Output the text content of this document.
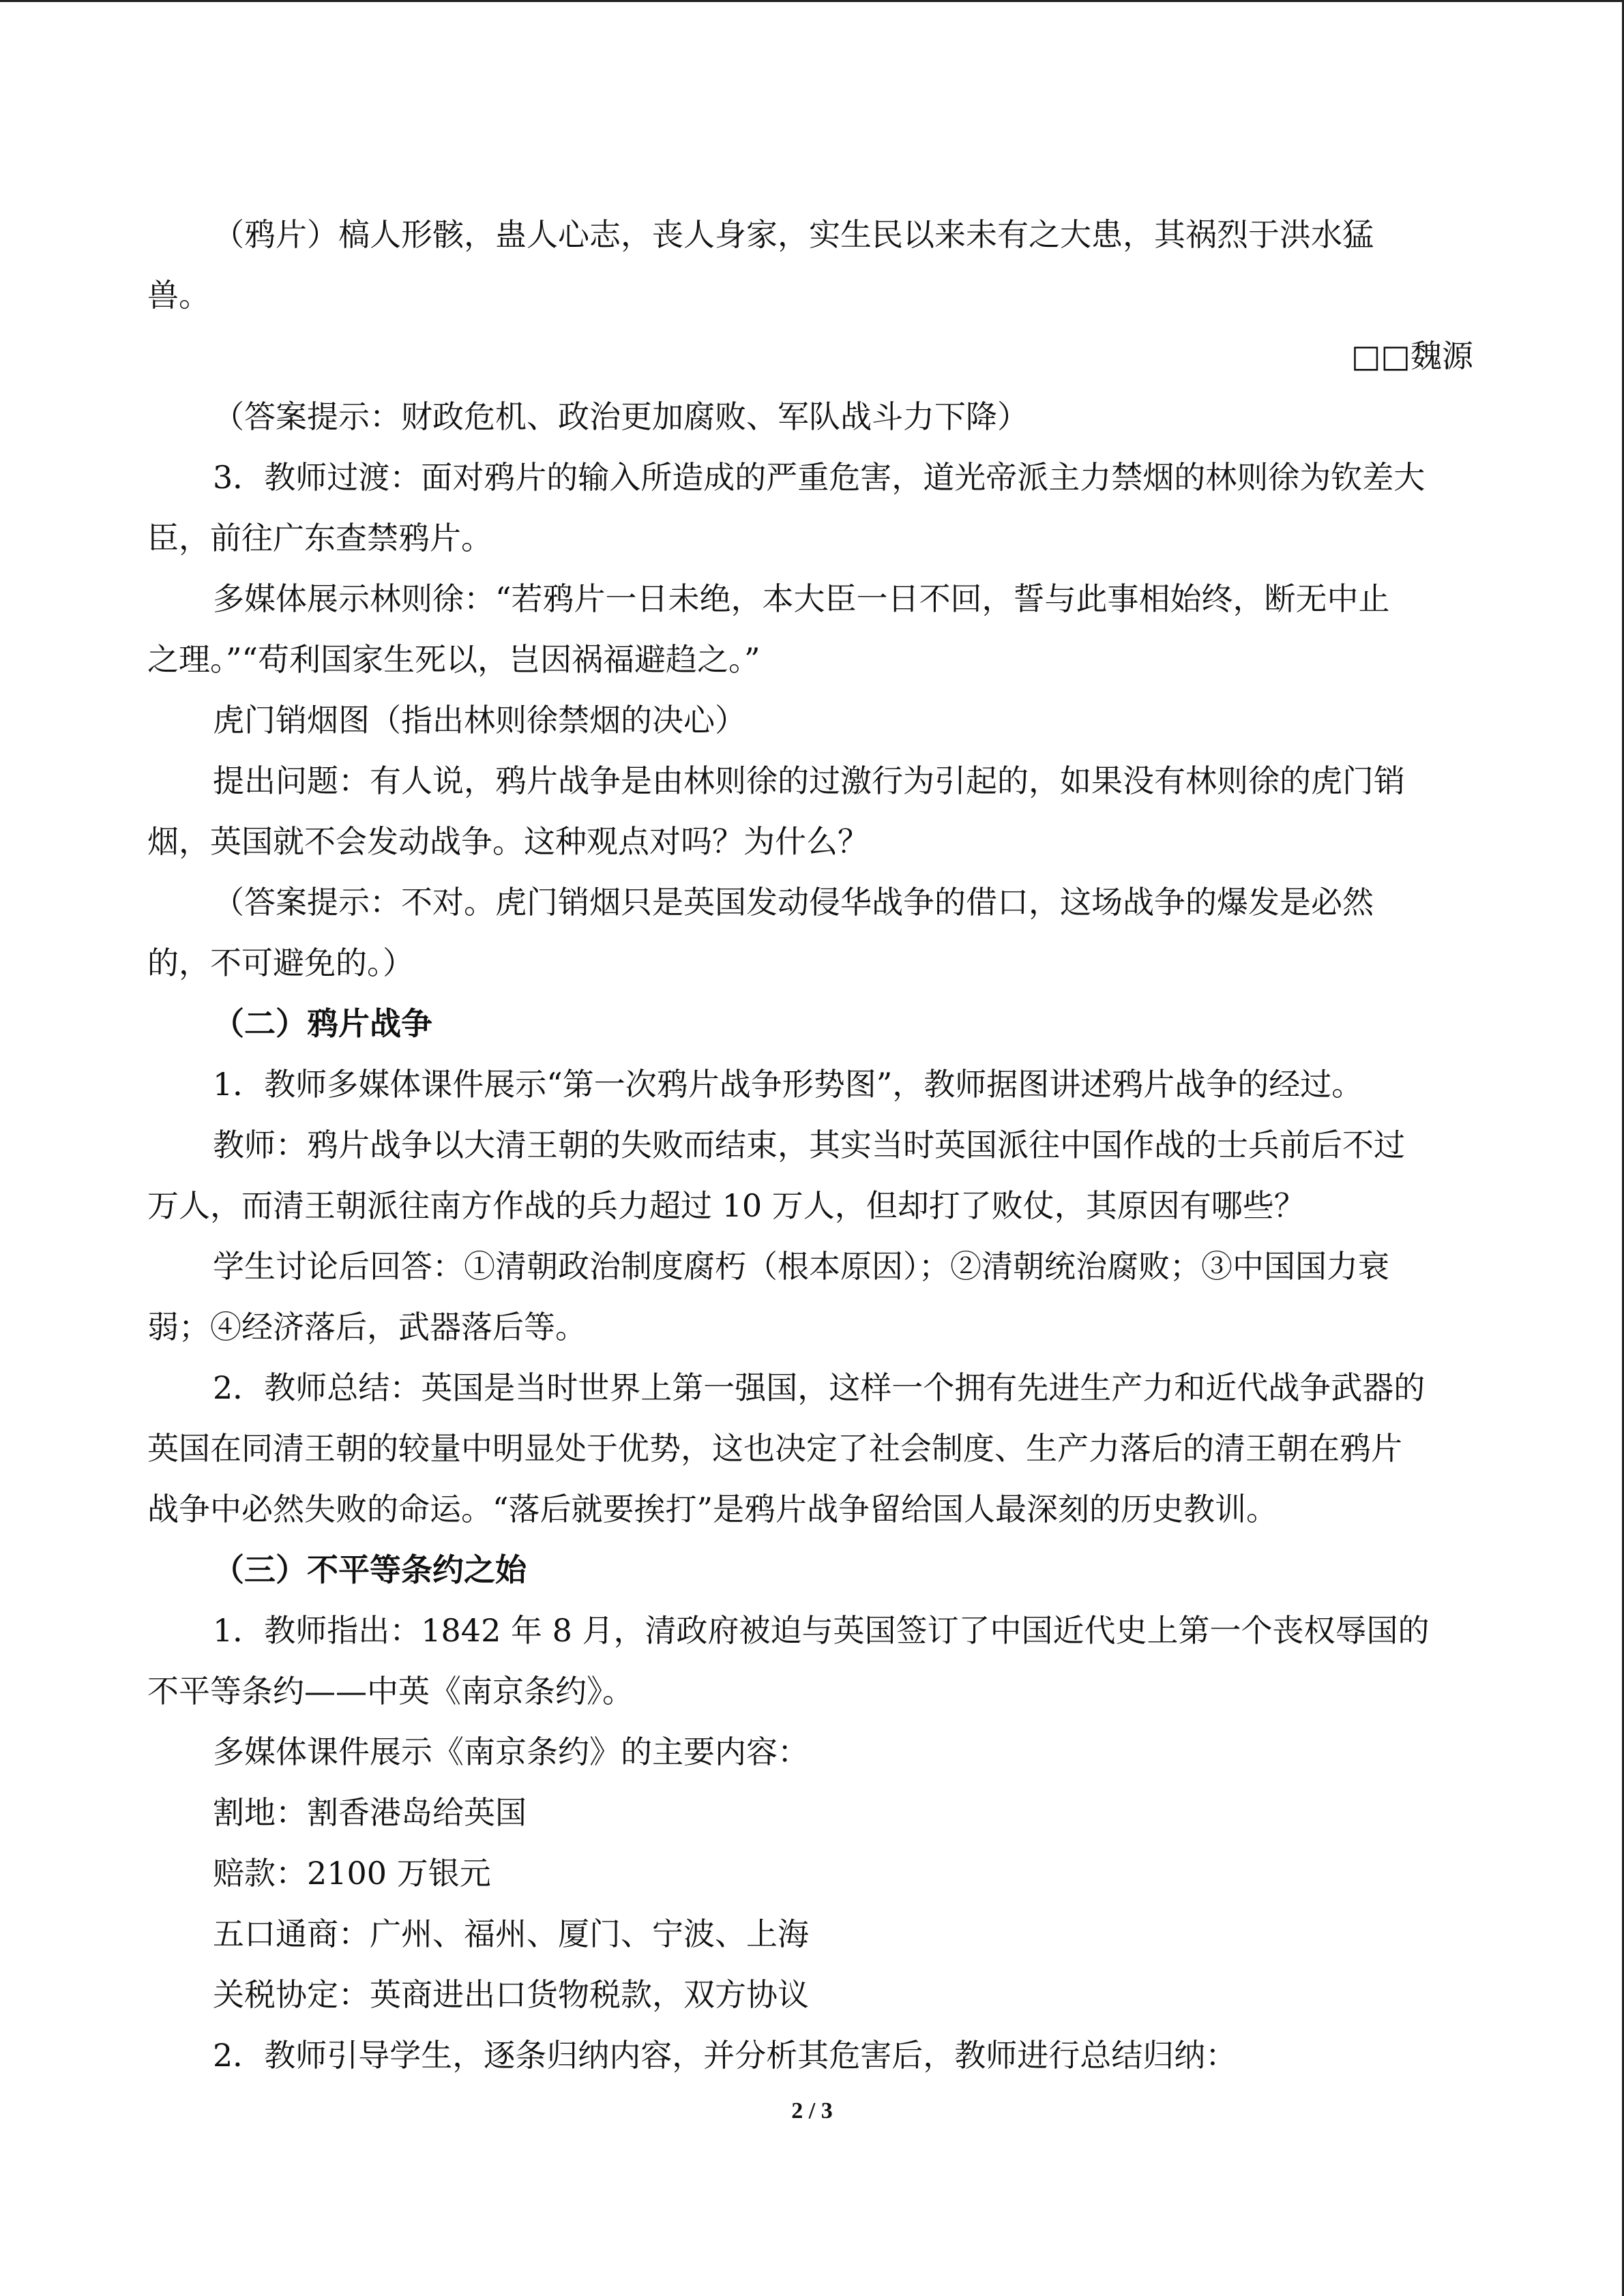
（鸦片）槁人形骸，蛊人心志，丧人身家，实生民以来未有之大患，其祸烈于洪水猛

兽。

□□魏源

（答案提示：财政危机、政治更加腐败、军队战斗力下降）

3．教师过渡：面对鸦片的输入所造成的严重危害，道光帝派主力禁烟的林则徐为钦差大

臣，前往广东查禁鸦片。

多媒体展示林则徐：“若鸦片一日未绝，本大臣一日不回，誓与此事相始终，断无中止

之理。”“苟利国家生死以，岂因祸福避趋之。”

虎门销烟图（指出林则徐禁烟的决心）

提出问题：有人说，鸦片战争是由林则徐的过激行为引起的，如果没有林则徐的虎门销

烟，英国就不会发动战争。这种观点对吗？为什么？

（答案提示：不对。虎门销烟只是英国发动侵华战争的借口，这场战争的爆发是必然

的，不可避免的。）

（二）鸦片战争

1．教师多媒体课件展示“第一次鸦片战争形势图”，教师据图讲述鸦片战争的经过。

教师：鸦片战争以大清王朝的失败而结束，其实当时英国派往中国作战的士兵前后不过

万人，而清王朝派往南方作战的兵力超过 10 万人，但却打了败仗，其原因有哪些？

学生讨论后回答：①清朝政治制度腐朽（根本原因）；②清朝统治腐败；③中国国力衰

弱；④经济落后，武器落后等。

2．教师总结：英国是当时世界上第一强国，这样一个拥有先进生产力和近代战争武器的

英国在同清王朝的较量中明显处于优势，这也决定了社会制度、生产力落后的清王朝在鸦片

战争中必然失败的命运。“落后就要挨打”是鸦片战争留给国人最深刻的历史教训。

（三）不平等条约之始

1．教师指出：1842 年 8 月，清政府被迫与英国签订了中国近代史上第一个丧权辱国的

不平等条约——中英《南京条约》。

多媒体课件展示《南京条约》的主要内容：

割地：割香港岛给英国

赔款：2100 万银元

五口通商：广州、福州、厦门、宁波、上海

关税协定：英商进出口货物税款，双方协议

2．教师引导学生，逐条归纳内容，并分析其危害后，教师进行总结归纳：

2 / 3
